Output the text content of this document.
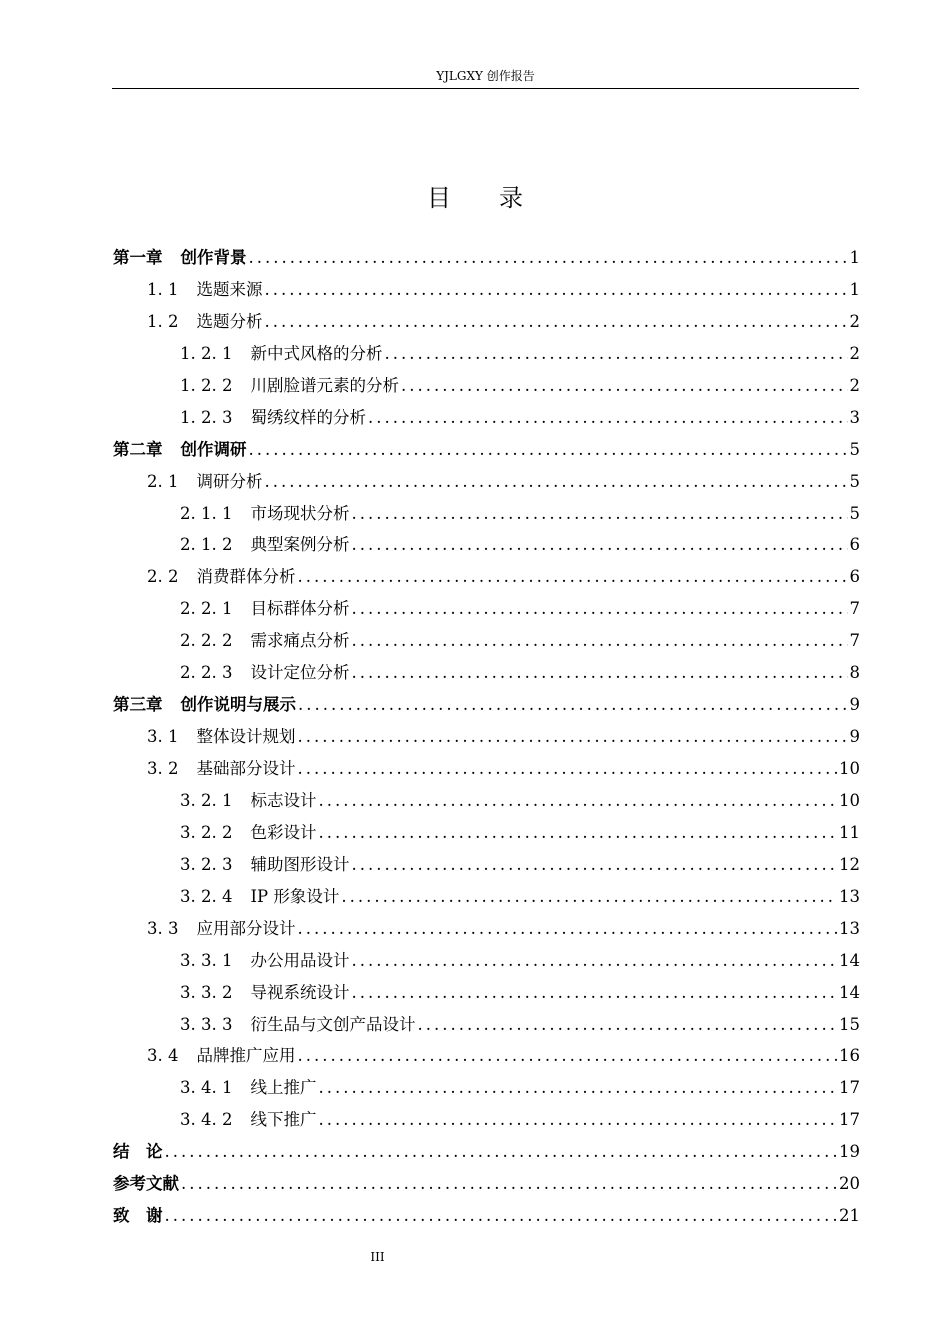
YJLGXY 创作报告
目 录
第一章 创作背景 .....	1
1. 1 选题来源 .....	1
1. 2 选题分析 .....	2
1. 2. 1 新中式风格的分析 .....	2
1. 2. 2 川剧脸谱元素的分析 .....	2
1. 2. 3 蜀绣纹样的分析 .....	3
第二章 创作调研 .....	5
2. 1 调研分析 .....	5
2. 1. 1 市场现状分析 .....	5
2. 1. 2 典型案例分析 .....	6
2. 2 消费群体分析 .....	6
2. 2. 1 目标群体分析 .....	7
2. 2. 2 需求痛点分析 .....	7
2. 2. 3 设计定位分析 .....	8
第三章 创作说明与展示 .....	9
3. 1 整体设计规划 .....	9
3. 2 基础部分设计 .....	10
3. 2. 1 标志设计 .....	10
3. 2. 2 色彩设计 .....	11
3. 2. 3 辅助图形设计 .....	12
3. 2. 4 IP 形象设计 .....	13
3. 3 应用部分设计 .....	13
3. 3. 1 办公用品设计 .....	14
3. 3. 2 导视系统设计 .....	14
3. 3. 3 衍生品与文创产品设计 .....	15
3. 4 品牌推广应用 .....	16
3. 4. 1 线上推广 .....	17
3. 4. 2 线下推广 .....	17
结　论 .....	19
参考文献 .....	20
致　谢 .....	21
III
